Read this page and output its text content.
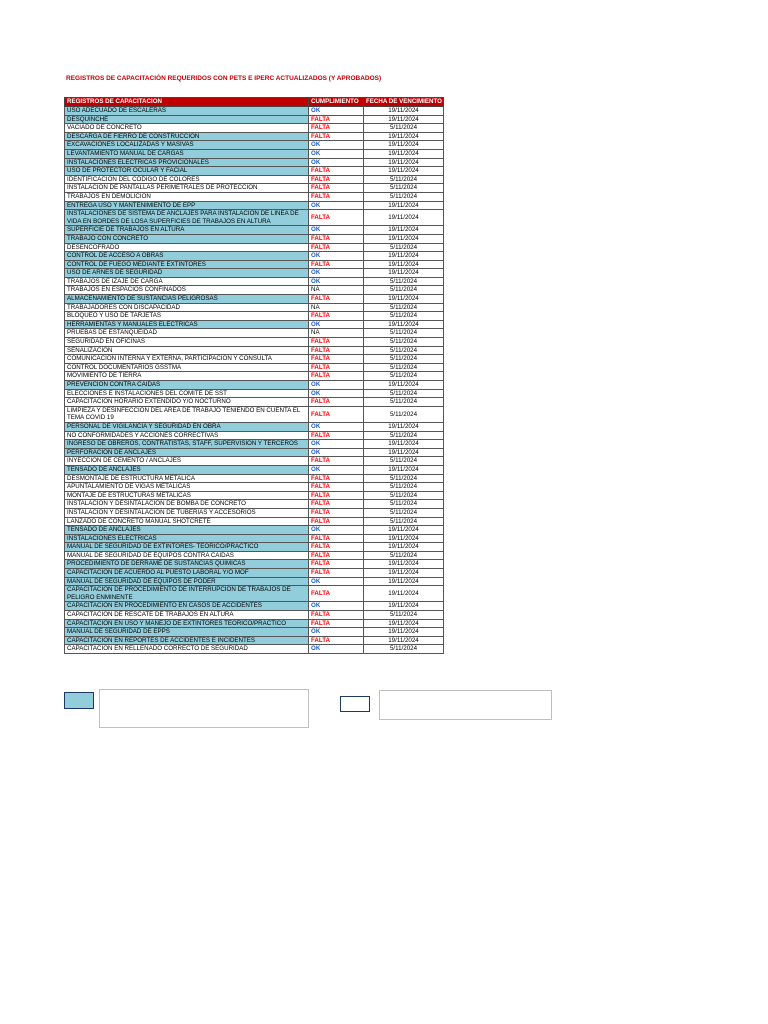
REGISTROS DE CAPACITACIÓN REQUERIDOS CON PETS E IPERC ACTUALIZADOS (Y APROBADOS)
REGISTROS DE CAPACITACION	CUMPLIMIENTO	FECHA DE VENCIMIENTO
USO ADECUADO DE ESCALERAS	OK	19/11/2024
DESQUINCHE	FALTA	19/11/2024
VACIADO DE CONCRETO	FALTA	5/11/2024
DESCARGA DE FIERRO DE CONSTRUCCIÓN	FALTA	19/11/2024
EXCAVACIONES LOCALIZADAS Y MASIVAS	OK	19/11/2024
LEVANTAMIENTO MANUAL DE CARGAS	OK	19/11/2024
INSTALACIONES ELECTRICAS PROVICIONALES	OK	19/11/2024
USO DE PROTECTOR OCULAR Y FACIAL	FALTA	19/11/2024
IDENTIFICACION DEL CODIGO DE COLORES	FALTA	5/11/2024
INSTALACION DE PANTALLAS PERIMETRALES DE PROTECCION	FALTA	5/11/2024
TRABAJOS EN DEMOLICION	FALTA	5/11/2024
ENTREGA USO Y MANTENIMIENTO DE EPP	OK	19/11/2024
INSTALACIONES DE SISTEMA DE ANCLAJES PARA INSTALACION DE LINEA DE VIDA EN BORDES DE LOSA SUPERFICIES DE TRABAJOS EN ALTURA	FALTA	19/11/2024
SUPERFICIE DE TRABAJOS EN ALTURA	OK	19/11/2024
TRABAJO CON CONCRETO	FALTA	19/11/2024
DESENCOFRADO	FALTA	5/11/2024
CONTROL DE ACCESO A OBRAS	OK	19/11/2024
CONTROL DE FUEGO MEDIANTE EXTINTORES	FALTA	19/11/2024
USO DE ARNES DE SEGURIDAD	OK	19/11/2024
TRABAJOS DE IZAJE DE CARGA	OK	5/11/2024
TRABAJOS EN ESPACIOS CONFINADOS	NA	5/11/2024
ALMACENAMIENTO DE SUSTANCIAS PELIGROSAS	FALTA	19/11/2024
TRABAJADORES CON DISCAPACIDAD	NA	5/11/2024
BLOQUEO Y USO DE TARJETAS	FALTA	5/11/2024
HERRAMIENTAS Y MANUALES ELECTRICAS	OK	19/11/2024
PRUEBAS DE ESTANQUEIDAD	NA	5/11/2024
SEGURIDAD EN OFICINAS	FALTA	5/11/2024
SEÑALIZACION	FALTA	5/11/2024
COMUNICACIÓN INTERNA Y EXTERNA, PARTICIPACION Y CONSULTA	FALTA	5/11/2024
CONTROL DOCUMENTARIOS GSSTMA	FALTA	5/11/2024
MOVIMIENTO DE TIERRA	FALTA	5/11/2024
PREVENCION CONTRA CAIDAS	OK	19/11/2024
ELECCIONES E INSTALACIONES DEL COMITÉ DE SST	OK	5/11/2024
CAPACITACION HORARIO EXTENDIDO Y/O NOCTURNO	FALTA	5/11/2024
LIMPIEZA Y DESINFECCION DEL AREA DE TRABAJO TENIENDO EN CUENTA EL TEMA COVID 19	FALTA	5/11/2024
PERSONAL DE VIGILANCIA Y SEGURIDAD EN OBRA	OK	19/11/2024
NO CONFORMIDADES Y ACCIONES CORRECTIVAS	FALTA	5/11/2024
INGRESO DE OBREROS, CONTRATISTAS, STAFF, SUPERVISION Y TERCEROS	OK	19/11/2024
PERFORACION DE ANCLAJES	OK	19/11/2024
INYECCION DE CEMENTO / ANCLAJES	FALTA	5/11/2024
TENSADO DE ANCLAJES	OK	19/11/2024
DESMONTAJE DE ESTRUCTURA METALICA	FALTA	5/11/2024
APUNTALAMIENTO DE VIGAS METALICAS	FALTA	5/11/2024
MONTAJE DE ESTRUCTURAS METALICAS	FALTA	5/11/2024
INSTALACION Y DESINTALACION DE BOMBA DE CONCRETO	FALTA	5/11/2024
INSTALACION Y DESINTALACION DE TUBERIAS Y ACCESORIOS	FALTA	5/11/2024
LANZADO DE CONCRETO MANUAL SHOTCRETE	FALTA	5/11/2024
TENSADO DE ANCLAJES	OK	19/11/2024
INSTALACIONES ELECTRICAS	FALTA	19/11/2024
MANUAL DE SEGURIDAD DE EXTINTORES- TEORICO/PRACTICO	FALTA	19/11/2024
MANUAL DE SEGURIDAD DE EQUIPOS CONTRA CAIDAS	FALTA	5/11/2024
PROCEDIMIENTO DE DERRAME DE SUSTANCIAS QUIMICAS	FALTA	19/11/2024
CAPACITACION DE ACUERDO AL PUESTO LABORAL Y/O MOF	FALTA	19/11/2024
MANUAL DE SEGURIDAD DE EQUIPOS DE PODER	OK	19/11/2024
CAPACITACION DE PROCEDIMIENTO DE INTERRUPCION DE TRABAJOS DE PELIGRO ENMINENTE	FALTA	19/11/2024
CAPACITACION EN PROCEDIMIENTO EN CASOS DE ACCIDENTES	OK	19/11/2024
CAPACITACION DE RESCATE DE TRABAJOS EN ALTURA	FALTA	5/11/2024
CAPACITACION EN USO Y MANEJO DE EXTINTORES TEORICO/PRACTICO	FALTA	19/11/2024
MANUAL DE SEGURIDAD DE EPPS	OK	19/11/2024
CAPACITACION EN REPORTES DE ACCIDENTES E INCIDENTES	FALTA	19/11/2024
CAPACITACION EN RELLENADO CORRECTO DE SEGURIDAD	OK	5/11/2024
